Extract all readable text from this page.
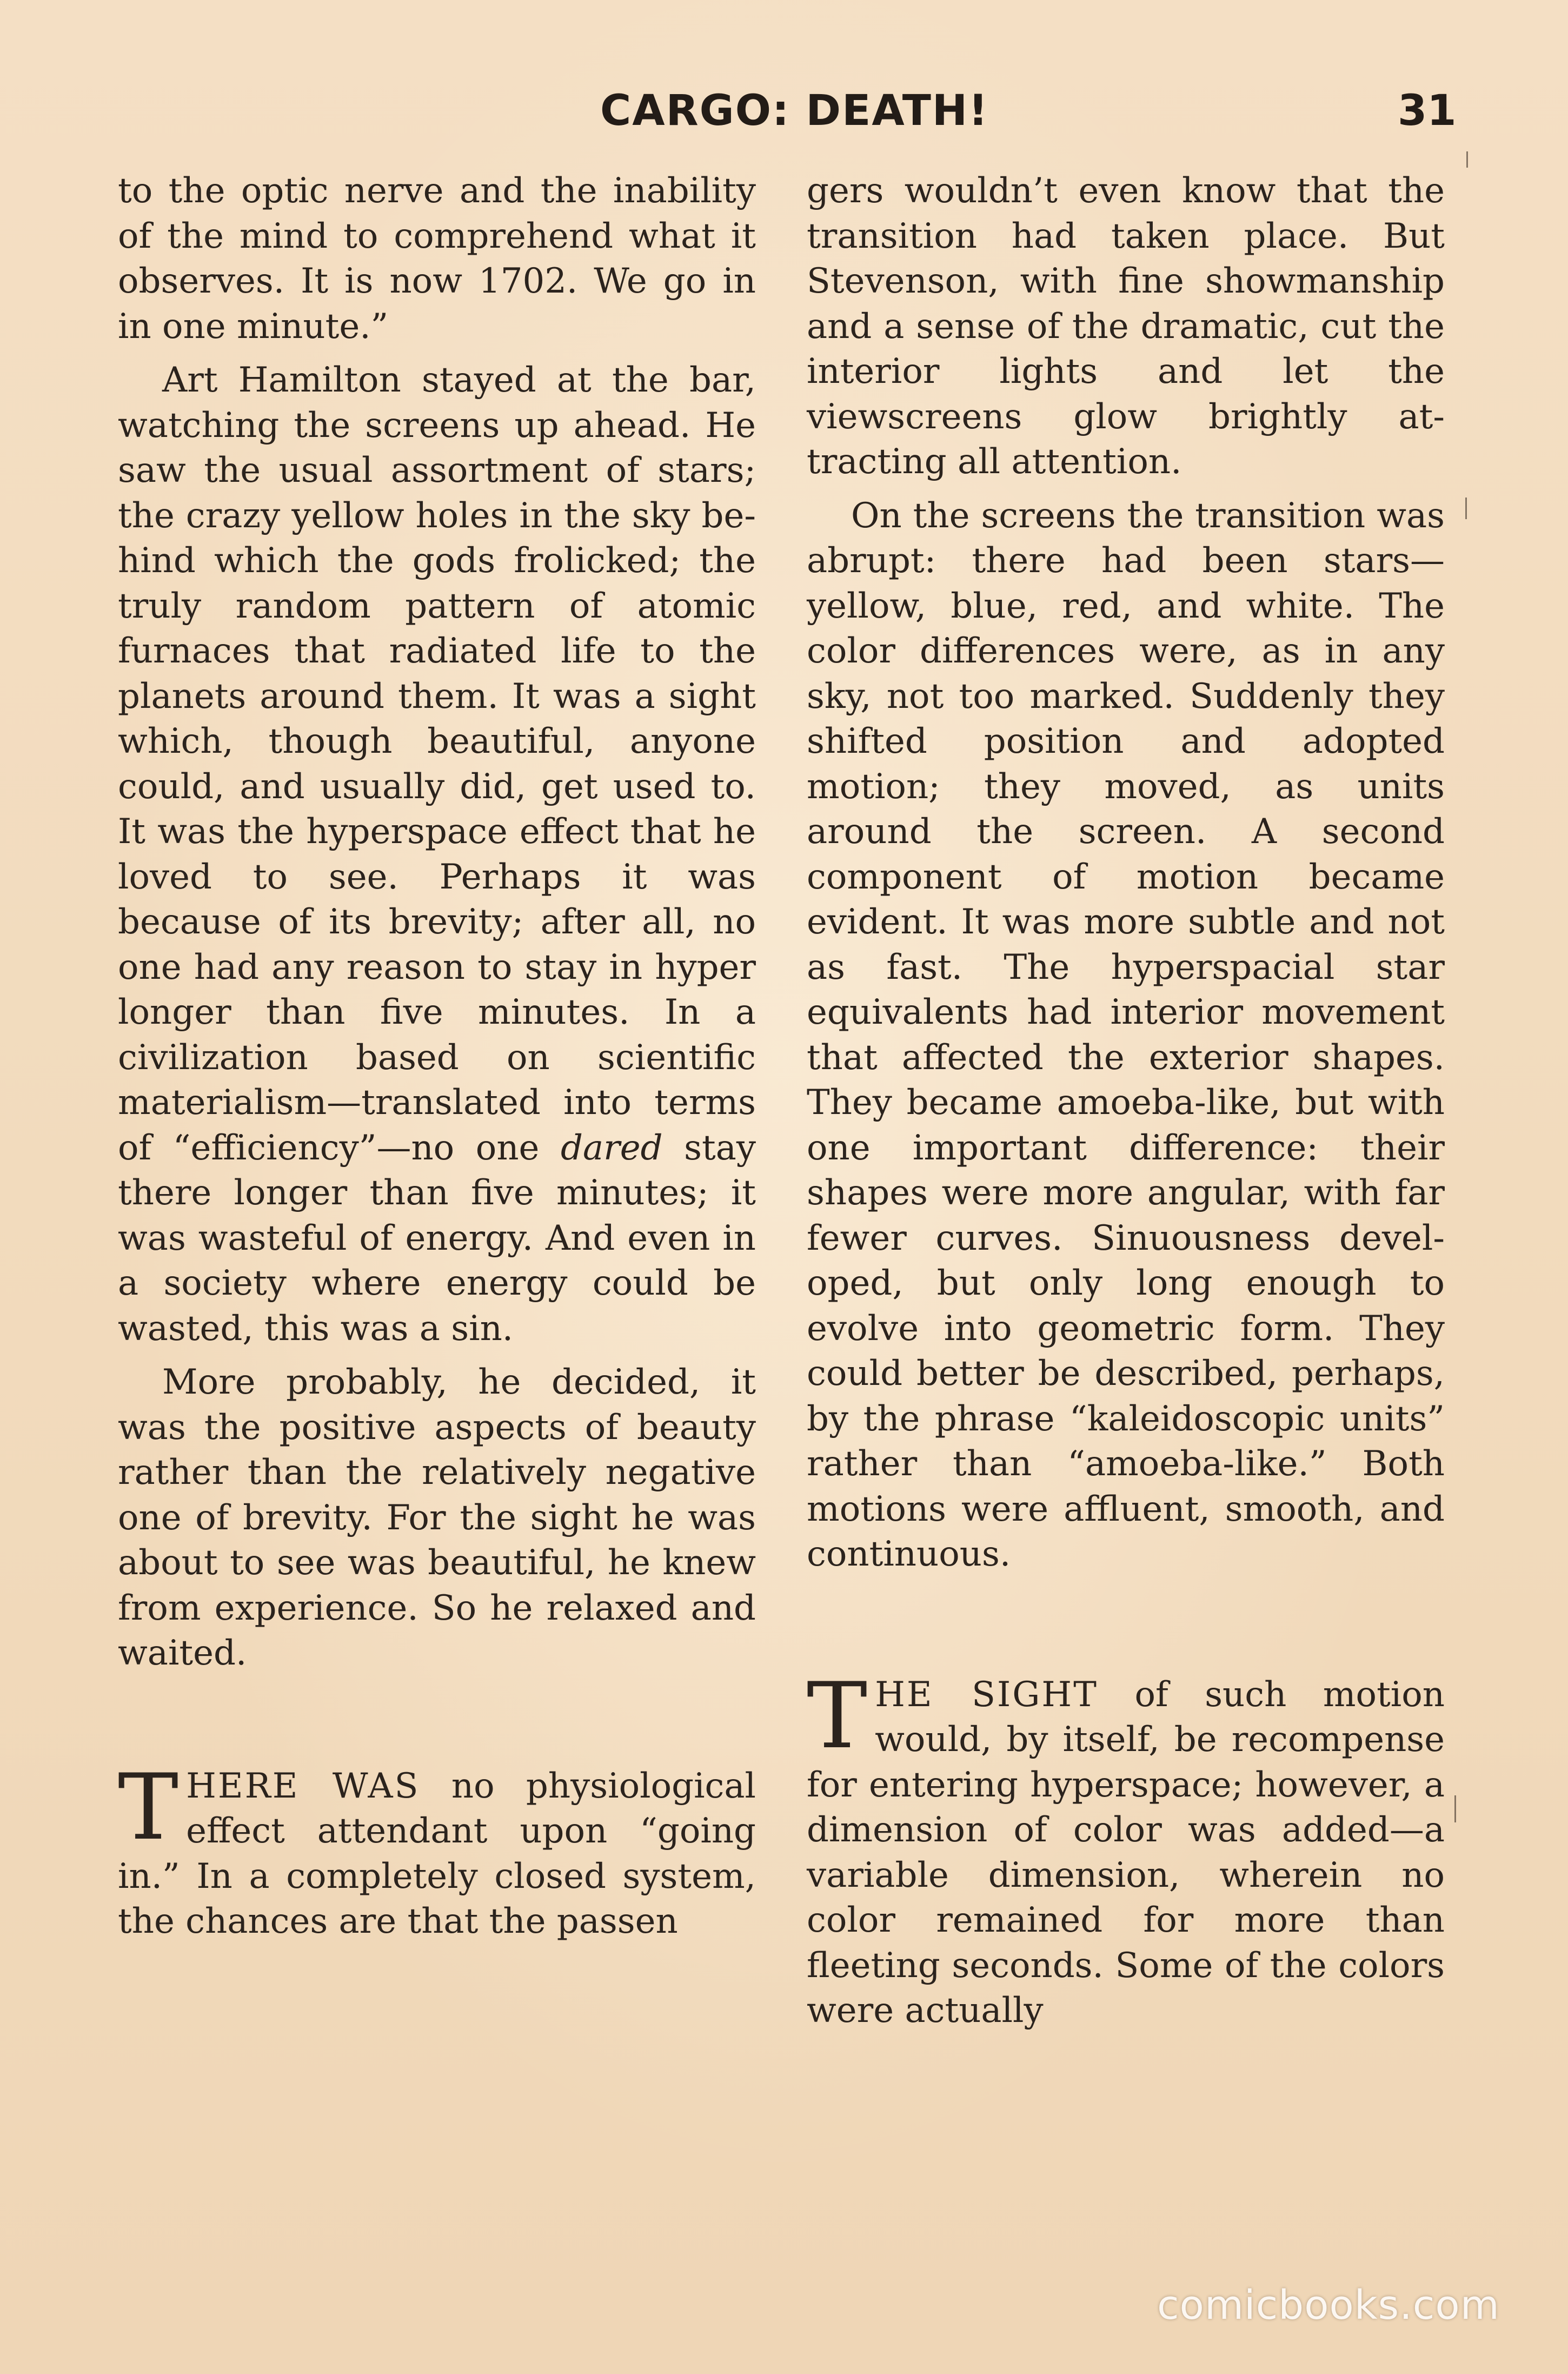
CARGO: DEATH!	31

to the optic nerve and the inability of the mind to comprehend what it observes. It is now 1702. We go in in one minute.”

Art Hamilton stayed at the bar, watching the screens up ahead. He saw the usual assortment of stars; the crazy yellow holes in the sky behind which the gods frolicked; the truly random pattern of atomic furnaces that radiated life to the planets around them. It was a sight which, though beautiful, anyone could, and usually did, get used to. It was the hyperspace effect that he loved to see. Perhaps it was because of its brevity; after all, no one had any reason to stay in hyper longer than five minutes. In a civilization based on scientific materialism—translated into terms of “efficiency”—no one dared stay there longer than five minutes; it was wasteful of energy. And even in a society where energy could be wasted, this was a sin.

More probably, he decided, it was the positive aspects of beauty rather than the relatively negative one of brevity. For the sight he was about to see was beautiful, he knew from experience. So he relaxed and waited.

THERE WAS no physiological effect attendant upon “going in.” In a completely closed system, the chances are that the passen

gers wouldn’t even know that the transition had taken place. But Stevenson, with fine showmanship and a sense of the dramatic, cut the interior lights and let the viewscreens glow brightly attracting all attention.

On the screens the transition was abrupt: there had been stars—yellow, blue, red, and white. The color differences were, as in any sky, not too marked. Suddenly they shifted position and adopted motion; they moved, as units around the screen. A second component of motion became evident. It was more subtle and not as fast. The hyperspacial star equivalents had interior movement that affected the exterior shapes. They became amoeba-like, but with one important difference: their shapes were more angular, with far fewer curves. Sinuousness developed, but only long enough to evolve into geometric form. They could better be described, perhaps, by the phrase “kaleidoscopic units” rather than “amoeba-like.” Both motions were affluent, smooth, and continuous.

THE SIGHT of such motion would, by itself, be recompense for entering hyperspace; however, a dimension of color was added—a variable dimension, wherein no color remained for more than fleeting seconds. Some of the colors were actually

comicbooks.com
